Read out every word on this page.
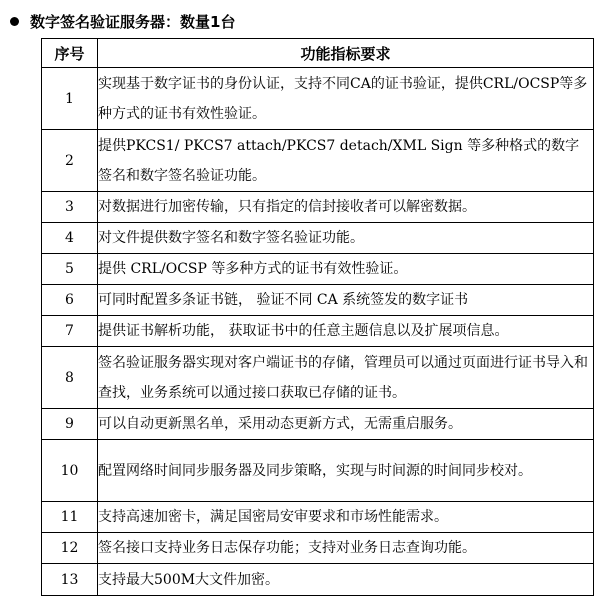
数字签名验证服务器：数量1台
序号	功能指标要求
1	实现基于数字证书的身份认证，支持不同CA的证书验证，提供CRL/OCSP等多种方式的证书有效性验证。
2	提供PKCS1/ PKCS7 attach/PKCS7 detach/XML Sign 等多种格式的数字签名和数字签名验证功能。
3	对数据进行加密传输，只有指定的信封接收者可以解密数据。
4	对文件提供数字签名和数字签名验证功能。
5	提供 CRL/OCSP 等多种方式的证书有效性验证。
6	可同时配置多条证书链， 验证不同 CA 系统签发的数字证书
7	提供证书解析功能， 获取证书中的任意主题信息以及扩展项信息。
8	签名验证服务器实现对客户端证书的存储，管理员可以通过页面进行证书导入和查找，业务系统可以通过接口获取已存储的证书。
9	可以自动更新黑名单，采用动态更新方式，无需重启服务。
10	配置网络时间同步服务器及同步策略，实现与时间源的时间同步校对。
11	支持高速加密卡，满足国密局安审要求和市场性能需求。
12	签名接口支持业务日志保存功能；支持对业务日志查询功能。
13	支持最大500M大文件加密。
